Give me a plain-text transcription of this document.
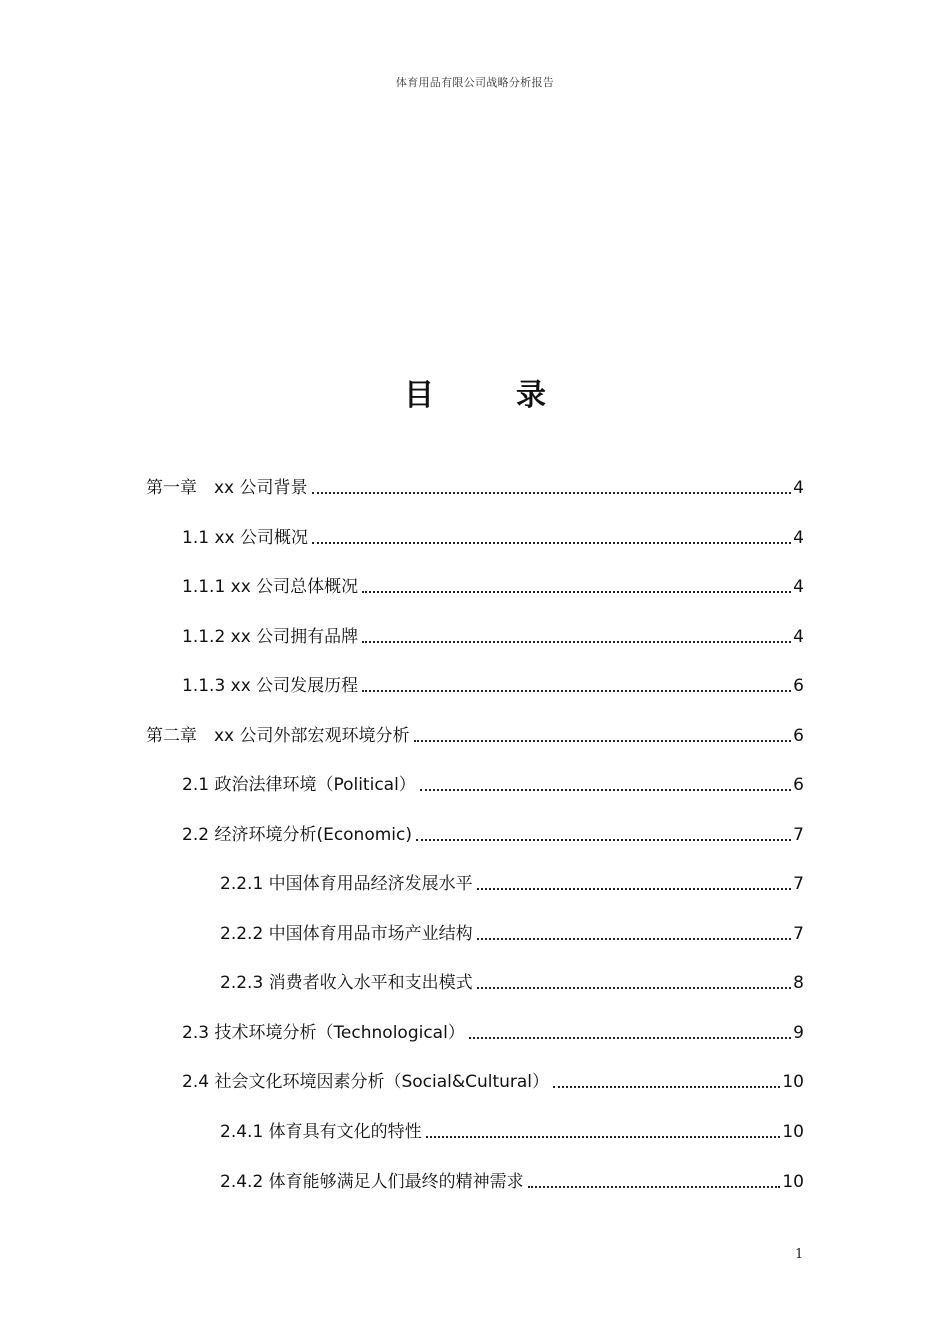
体育用品有限公司战略分析报告
目	录
第一章　xx 公司背景	4
1.1 xx 公司概况	4
1.1.1 xx 公司总体概况	4
1.1.2 xx 公司拥有品牌	4
1.1.3 xx 公司发展历程	6
第二章　xx 公司外部宏观环境分析	6
2.1 政治法律环境（Political）	6
2.2 经济环境分析(Economic)	7
2.2.1 中国体育用品经济发展水平	7
2.2.2 中国体育用品市场产业结构	7
2.2.3 消费者收入水平和支出模式	8
2.3 技术环境分析（Technological）	9
2.4 社会文化环境因素分析（Social&Cultural）	10
2.4.1 体育具有文化的特性	10
2.4.2 体育能够满足人们最终的精神需求	10
1
